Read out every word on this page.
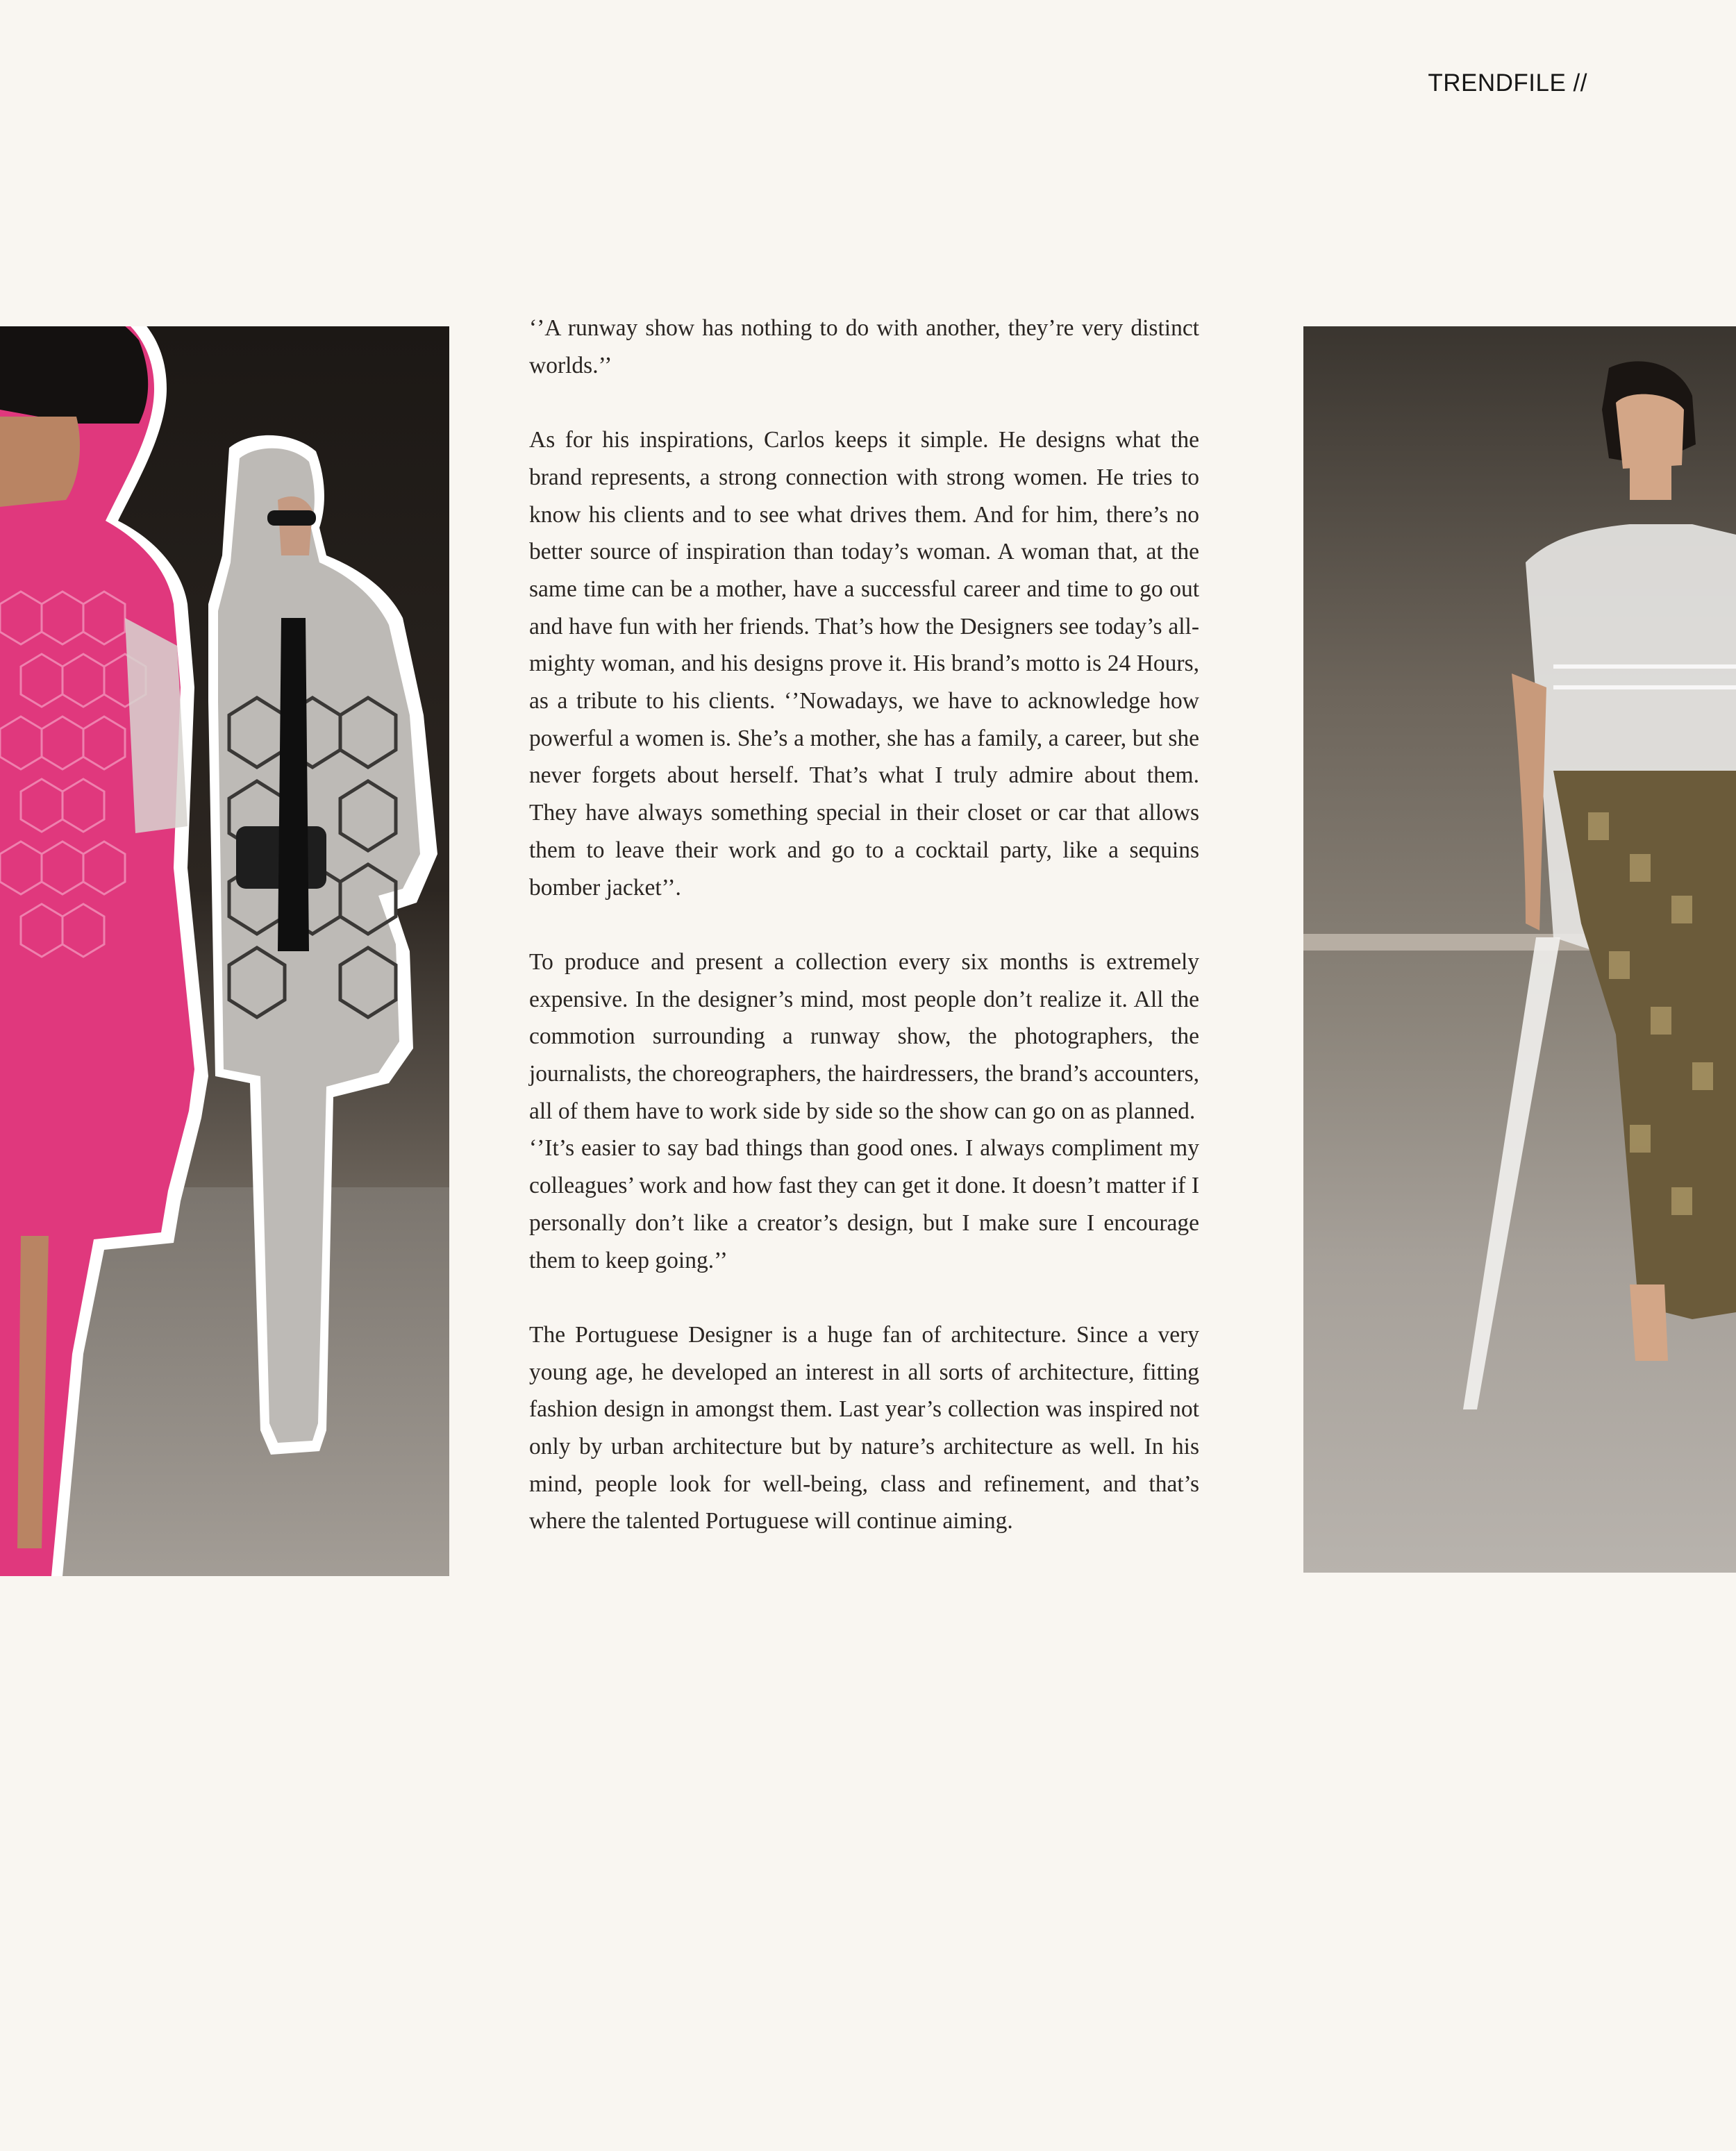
TRENDFILE //

‘’A runway show has nothing to do with another, they’re very distinct worlds.’’

As for his inspirations, Carlos keeps it simple. He designs what the brand represents, a strong connection with strong women. He tries to know his clients and to see what drives them. And for him, there’s no better source of inspiration than today’s woman. A woman that, at the same time can be a mother, have a successful career and time to go out and have fun with her friends. That’s how the Designers see today’s all-mighty woman, and his designs prove it. His brand’s motto is 24 Hours, as a tribute to his clients. ‘’Nowadays, we have to acknowledge how powerful a women is. She’s a mother, she has a family, a career, but she never forgets about herself. That’s what I truly admire about them. They have always something special in their closet or car that allows them to leave their work and go to a cocktail party, like a sequins bomber jacket’’.

To produce and present a collection every six months is extremely expensive. In the designer’s mind, most people don’t realize it. All the commotion surrounding a runway show, the photographers, the journalists, the choreographers, the hairdressers, the brand’s accounters, all of them have to work side by side so the show can go on as planned.

‘’It’s easier to say bad things than good ones. I always compliment my colleagues’ work and how fast they can get it done. It doesn’t matter if I personally don’t like a creator’s design, but I make sure I encourage them to keep going.’’

The Portuguese Designer is a huge fan of architecture. Since a very young age, he developed an interest in all sorts of architecture, fitting fashion design in amongst them. Last year’s collection was inspired not only by urban architecture but by nature’s architecture as well. In his mind, people look for well-being, class and refinement, and that’s where the talented Portuguese will continue aiming.
